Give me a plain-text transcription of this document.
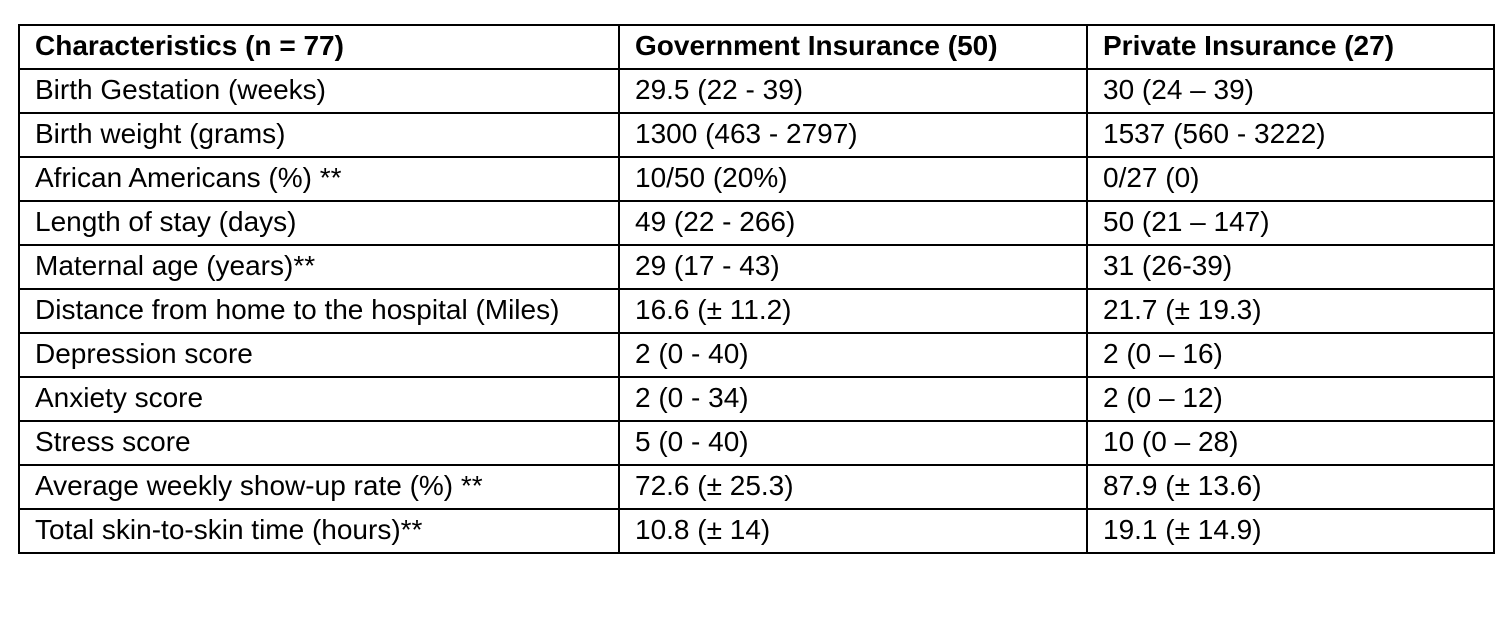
Characteristics (n = 77)	Government Insurance (50)	Private Insurance (27)
Birth Gestation (weeks)	29.5 (22 - 39)	30 (24 – 39)
Birth weight (grams)	1300 (463 - 2797)	1537 (560 - 3222)
African Americans (%) **	10/50 (20%)	0/27 (0)
Length of stay (days)	49 (22 - 266)	50 (21 – 147)
Maternal age (years)**	29 (17 - 43)	31 (26-39)
Distance from home to the hospital (Miles)	16.6 (± 11.2)	21.7 (± 19.3)
Depression score	2 (0 - 40)	2 (0 – 16)
Anxiety score	2 (0 - 34)	2 (0 – 12)
Stress score	5 (0 - 40)	10 (0 – 28)
Average weekly show-up rate (%) **	72.6 (± 25.3)	87.9 (± 13.6)
Total skin-to-skin time (hours)**	10.8 (± 14)	19.1 (± 14.9)
